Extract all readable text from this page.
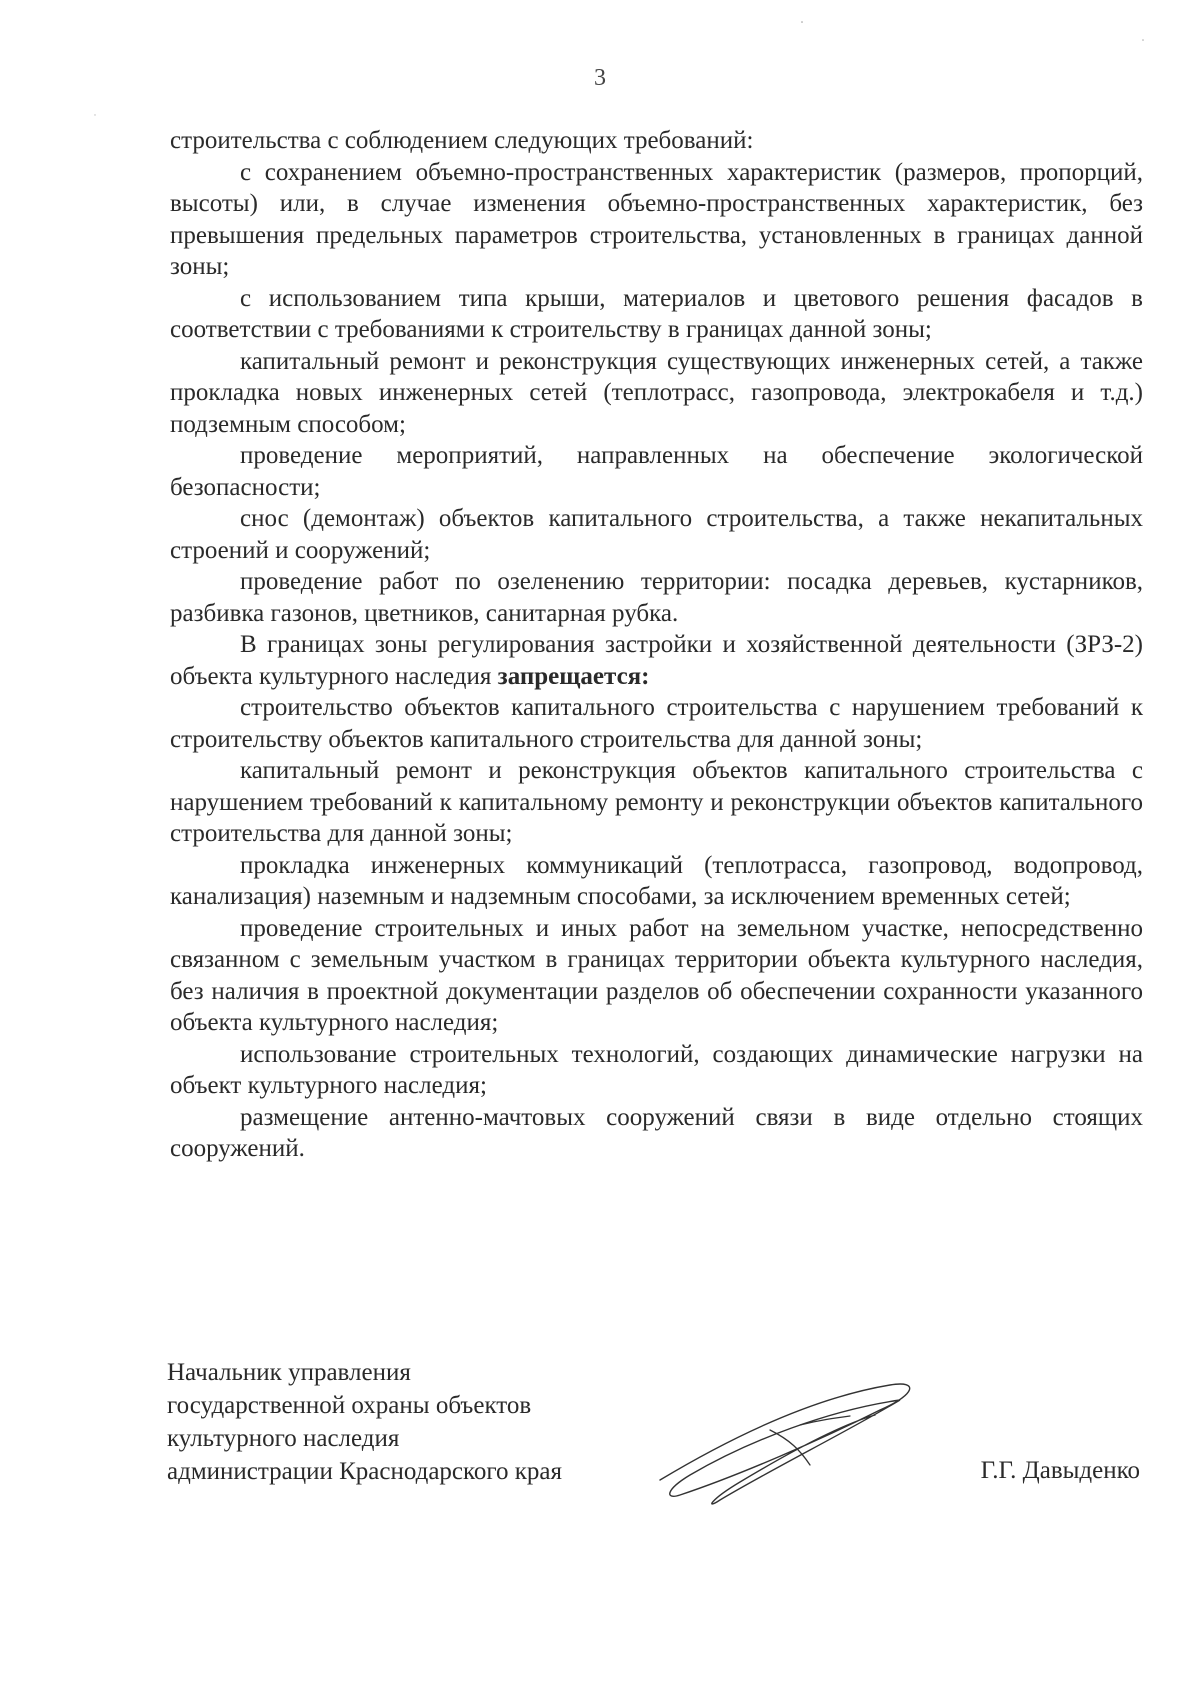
3

строительства с соблюдением следующих требований:

с сохранением объемно-пространственных характеристик (размеров, пропорций, высоты) или, в случае изменения объемно-пространственных характеристик, без превышения предельных параметров строительства, установленных в границах данной зоны;

с использованием типа крыши, материалов и цветового решения фасадов в соответствии с требованиями к строительству в границах данной зоны;

капитальный ремонт и реконструкция существующих инженерных сетей, а также прокладка новых инженерных сетей (теплотрасс, газопровода, электрокабеля и т.д.) подземным способом;

проведение мероприятий, направленных на обеспечение экологической безопасности;

снос (демонтаж) объектов капитального строительства, а также некапитальных строений и сооружений;

проведение работ по озеленению территории: посадка деревьев, кустарников, разбивка газонов, цветников, санитарная рубка.

В границах зоны регулирования застройки и хозяйственной деятельности (ЗРЗ-2) объекта культурного наследия запрещается:

строительство объектов капитального строительства с нарушением требований к строительству объектов капитального строительства для данной зоны;

капитальный ремонт и реконструкция объектов капитального строительства с нарушением требований к капитальному ремонту и реконструкции объектов капитального строительства для данной зоны;

прокладка инженерных коммуникаций (теплотрасса, газопровод, водопровод, канализация) наземным и надземным способами, за исключением временных сетей;

проведение строительных и иных работ на земельном участке, непосредственно связанном с земельным участком в границах территории объекта культурного наследия, без наличия в проектной документации разделов об обеспечении сохранности указанного объекта культурного наследия;

использование строительных технологий, создающих динамические нагрузки на объект культурного наследия;

размещение антенно-мачтовых сооружений связи в виде отдельно стоящих сооружений.

Начальник управления
государственной охраны объектов
культурного наследия
администрации Краснодарского края	Г.Г. Давыденко
